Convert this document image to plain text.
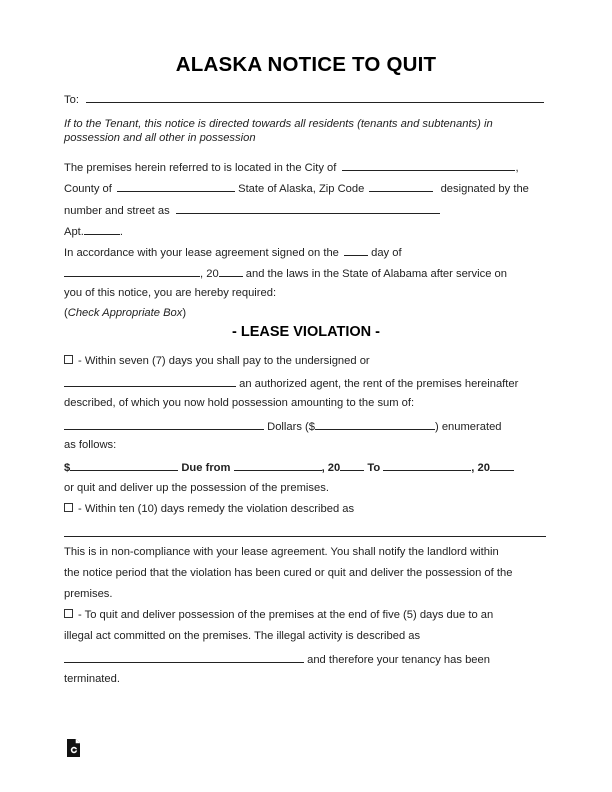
ALASKA NOTICE TO QUIT
To:
If to the Tenant, this notice is directed towards all residents (tenants and subtenants) in
possession and all other in possession
The premises herein referred to is located in the City of	,
County of	State of Alaska, Zip Code	designated by the
number and street as
Apt.	.
In accordance with your lease agreement signed on the	day of
, 20 and the laws in the State of Alabama after service on
you of this notice, you are hereby required:
(Check Appropriate Box)
- LEASE VIOLATION -
- Within seven (7) days you shall pay to the undersigned or
an authorized agent, the rent of the premises hereinafter
described, of which you now hold possession amounting to the sum of:
Dollars ($	) enumerated
as follows:
$	Due from	, 20 To	, 20
or quit and deliver up the possession of the premises.
- Within ten (10) days remedy the violation described as
This is in non-compliance with your lease agreement. You shall notify the landlord within
the notice period that the violation has been cured or quit and deliver the possession of the
premises.
- To quit and deliver possession of the premises at the end of five (5) days due to an
illegal act committed on the premises. The illegal activity is described as
and therefore your tenancy has been
terminated.
